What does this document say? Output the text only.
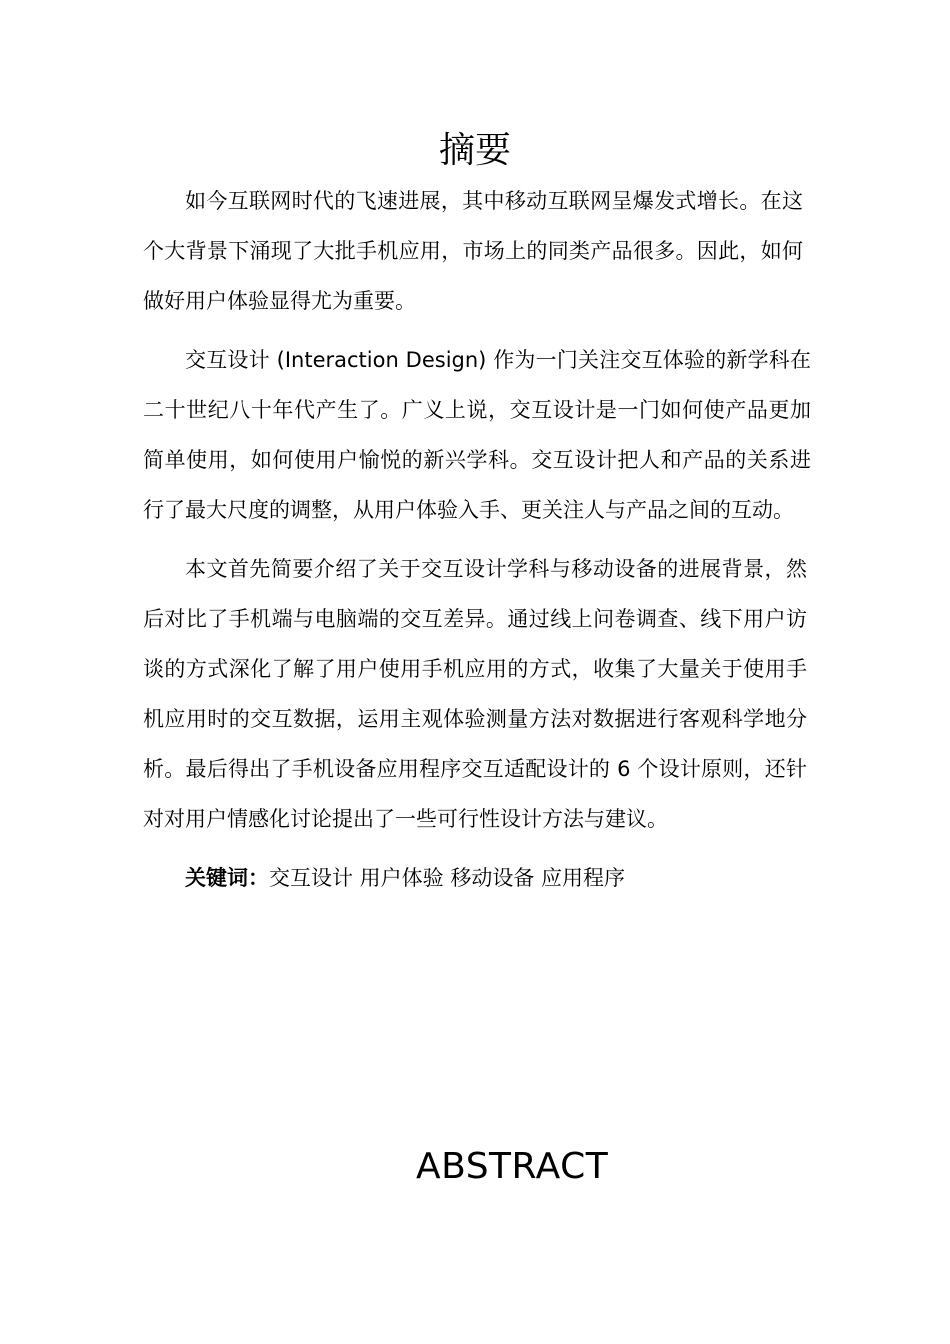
摘要

如今互联网时代的飞速进展，其中移动互联网呈爆发式增长。在这个大背景下涌现了大批手机应用，市场上的同类产品很多。因此，如何做好用户体验显得尤为重要。

交互设计 (Interaction Design) 作为一门关注交互体验的新学科在二十世纪八十年代产生了。广义上说，交互设计是一门如何使产品更加简单使用，如何使用户愉悦的新兴学科。交互设计把人和产品的关系进行了最大尺度的调整，从用户体验入手、更关注人与产品之间的互动。

本文首先简要介绍了关于交互设计学科与移动设备的进展背景，然后对比了手机端与电脑端的交互差异。通过线上问卷调查、线下用户访谈的方式深化了解了用户使用手机应用的方式，收集了大量关于使用手机应用时的交互数据，运用主观体验测量方法对数据进行客观科学地分析。最后得出了手机设备应用程序交互适配设计的 6 个设计原则，还针对对用户情感化讨论提出了一些可行性设计方法与建议。

关键词：交互设计 用户体验 移动设备 应用程序

ABSTRACT
